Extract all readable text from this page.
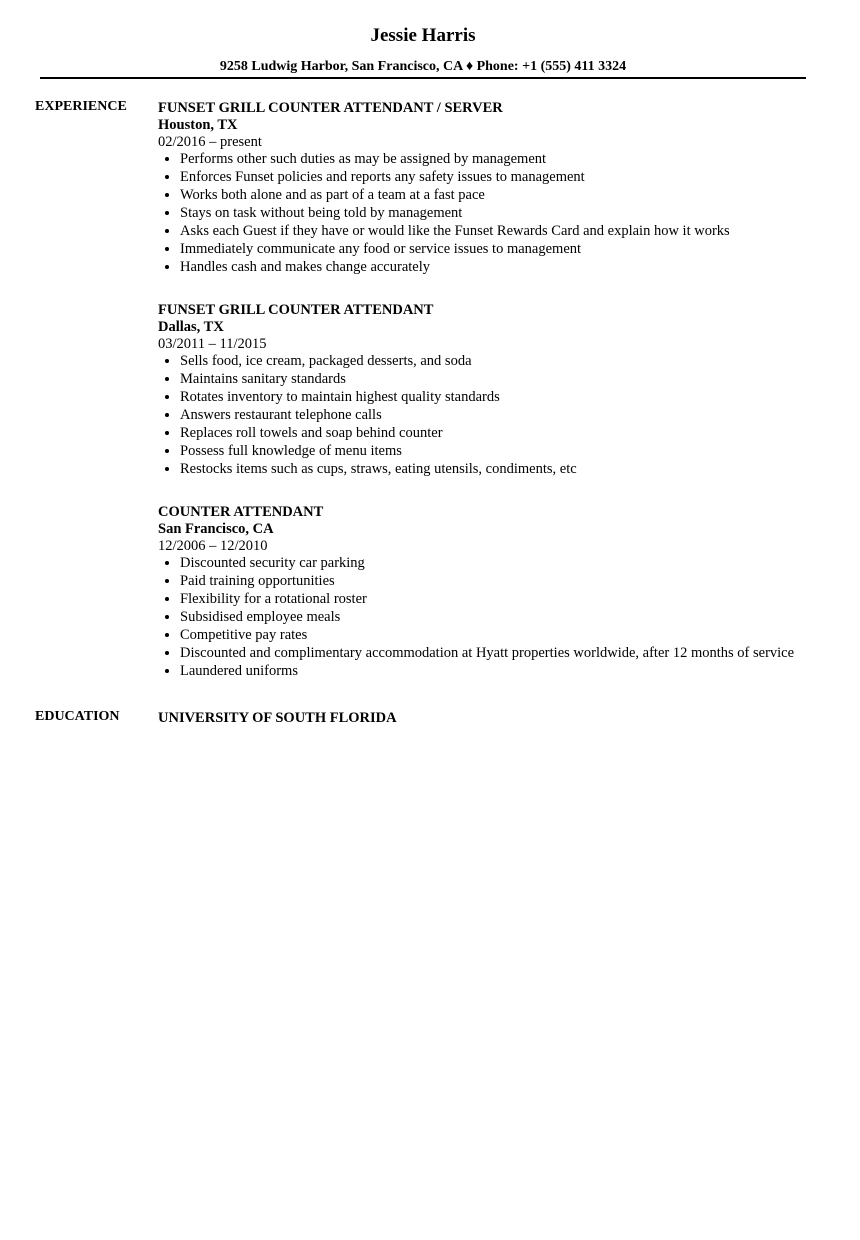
Jessie Harris
9258 Ludwig Harbor, San Francisco, CA ♦ Phone: +1 (555) 411 3324
EXPERIENCE FUNSET GRILL COUNTER ATTENDANT / SERVER
Houston, TX
02/2016 – present
Performs other such duties as may be assigned by management
Enforces Funset policies and reports any safety issues to management
Works both alone and as part of a team at a fast pace
Stays on task without being told by management
Asks each Guest if they have or would like the Funset Rewards Card and explain how it works
Immediately communicate any food or service issues to management
Handles cash and makes change accurately
FUNSET GRILL COUNTER ATTENDANT
Dallas, TX
03/2011 – 11/2015
Sells food, ice cream, packaged desserts, and soda
Maintains sanitary standards
Rotates inventory to maintain highest quality standards
Answers restaurant telephone calls
Replaces roll towels and soap behind counter
Possess full knowledge of menu items
Restocks items such as cups, straws, eating utensils, condiments, etc
COUNTER ATTENDANT
San Francisco, CA
12/2006 – 12/2010
Discounted security car parking
Paid training opportunities
Flexibility for a rotational roster
Subsidised employee meals
Competitive pay rates
Discounted and complimentary accommodation at Hyatt properties worldwide, after 12 months of service
Laundered uniforms
EDUCATION	UNIVERSITY OF SOUTH FLORIDA
